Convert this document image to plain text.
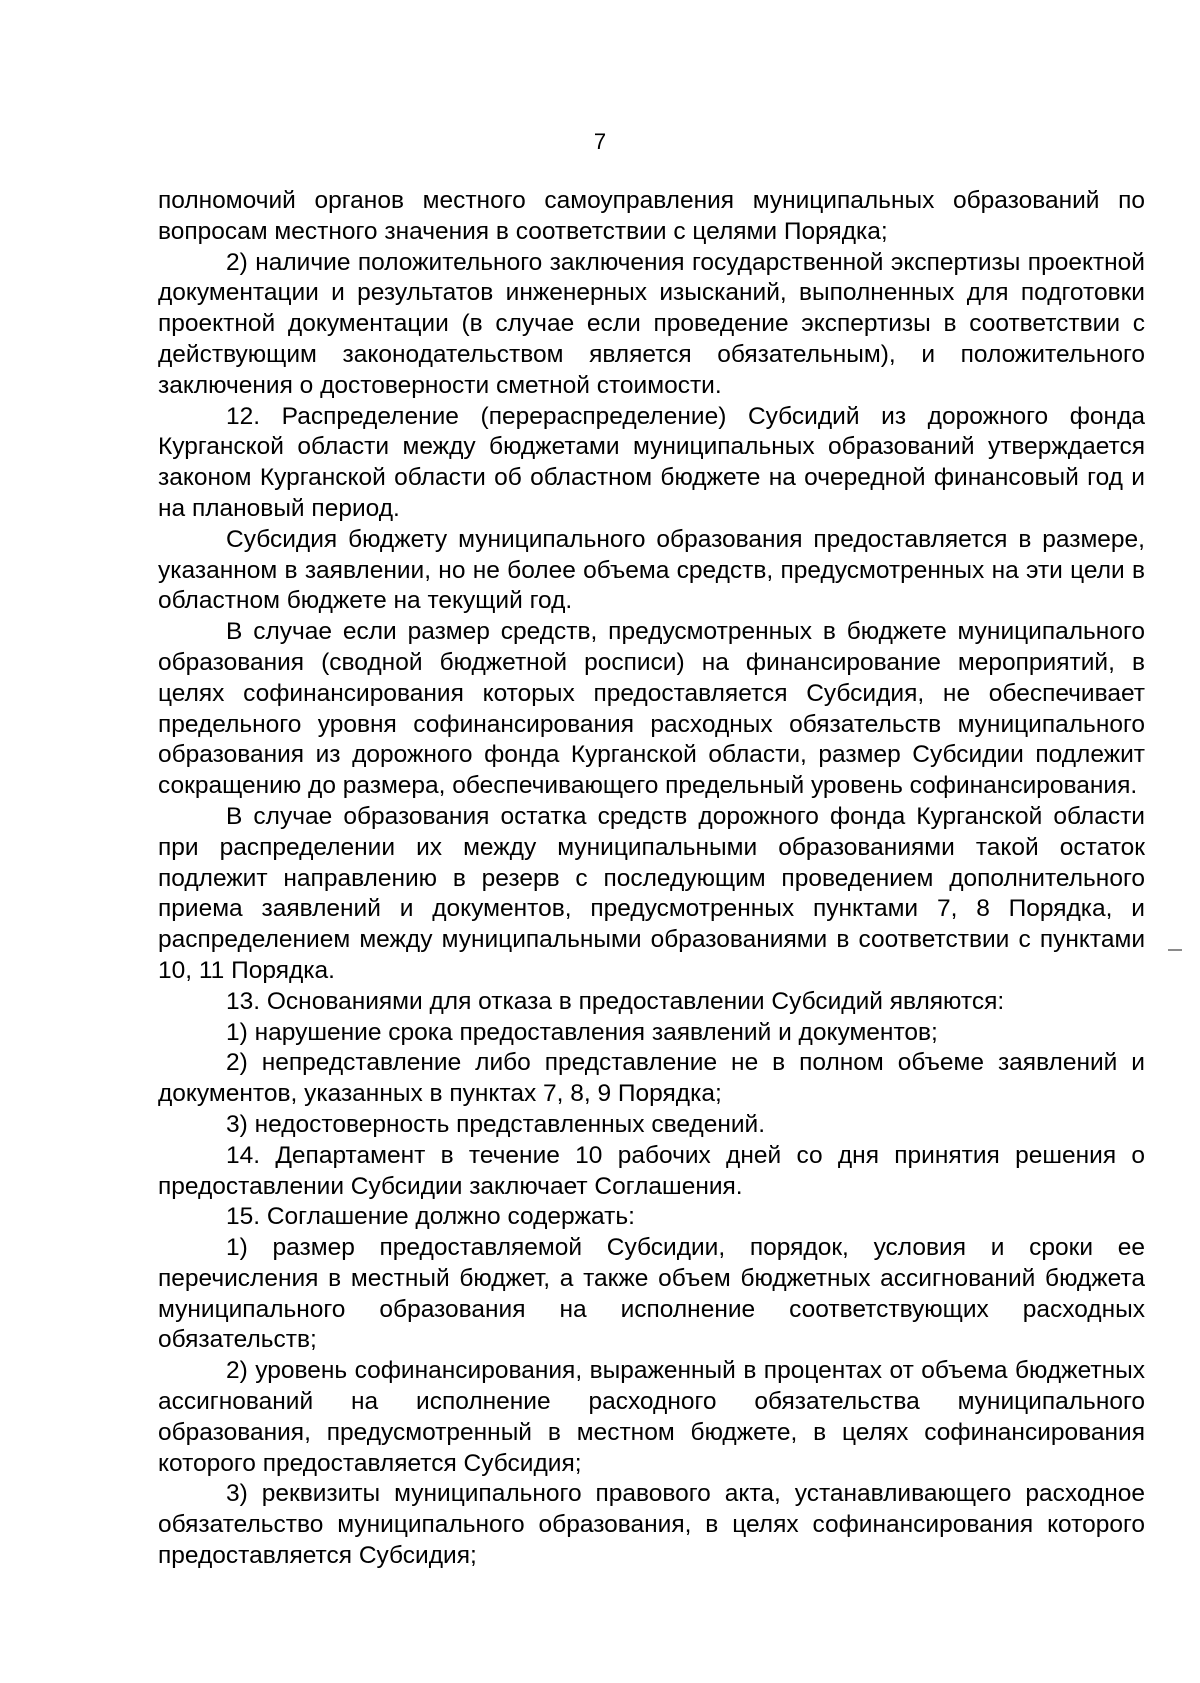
7

полномочий органов местного самоуправления муниципальных образований по вопросам местного значения в соответствии с целями Порядка;

2) наличие положительного заключения государственной экспертизы проектной документации и результатов инженерных изысканий, выполненных для подготовки проектной документации (в случае если проведение экспертизы в соответствии с действующим законодательством является обязательным), и положительного заключения о достоверности сметной стоимости.

12. Распределение (перераспределение) Субсидий из дорожного фонда Курганской области между бюджетами муниципальных образований утверждается законом Курганской области об областном бюджете на очередной финансовый год и на плановый период.

Субсидия бюджету муниципального образования предоставляется в размере, указанном в заявлении, но не более объема средств, предусмотренных на эти цели в областном бюджете на текущий год.

В случае если размер средств, предусмотренных в бюджете муниципального образования (сводной бюджетной росписи) на финансирование мероприятий, в целях софинансирования которых предоставляется Субсидия, не обеспечивает предельного уровня софинансирования расходных обязательств муниципального образования из дорожного фонда Курганской области, размер Субсидии подлежит сокращению до размера, обеспечивающего предельный уровень софинансирования.

В случае образования остатка средств дорожного фонда Курганской области при распределении их между муниципальными образованиями такой остаток подлежит направлению в резерв с последующим проведением дополнительного приема заявлений и документов, предусмотренных пунктами 7, 8 Порядка, и распределением между муниципальными образованиями в соответствии с пунктами 10, 11 Порядка.

13. Основаниями для отказа в предоставлении Субсидий являются:

1) нарушение срока предоставления заявлений и документов;

2) непредставление либо представление не в полном объеме заявлений и документов, указанных в пунктах 7, 8, 9 Порядка;

3) недостоверность представленных сведений.

14. Департамент в течение 10 рабочих дней со дня принятия решения о предоставлении Субсидии заключает Соглашения.

15. Соглашение должно содержать:

1) размер предоставляемой Субсидии, порядок, условия и сроки ее перечисления в местный бюджет, а также объем бюджетных ассигнований бюджета муниципального образования на исполнение соответствующих расходных обязательств;

2) уровень софинансирования, выраженный в процентах от объема бюджетных ассигнований на исполнение расходного обязательства муниципального образования, предусмотренный в местном бюджете, в целях софинансирования которого предоставляется Субсидия;

3) реквизиты муниципального правового акта, устанавливающего расходное обязательство муниципального образования, в целях софинансирования которого предоставляется Субсидия;
